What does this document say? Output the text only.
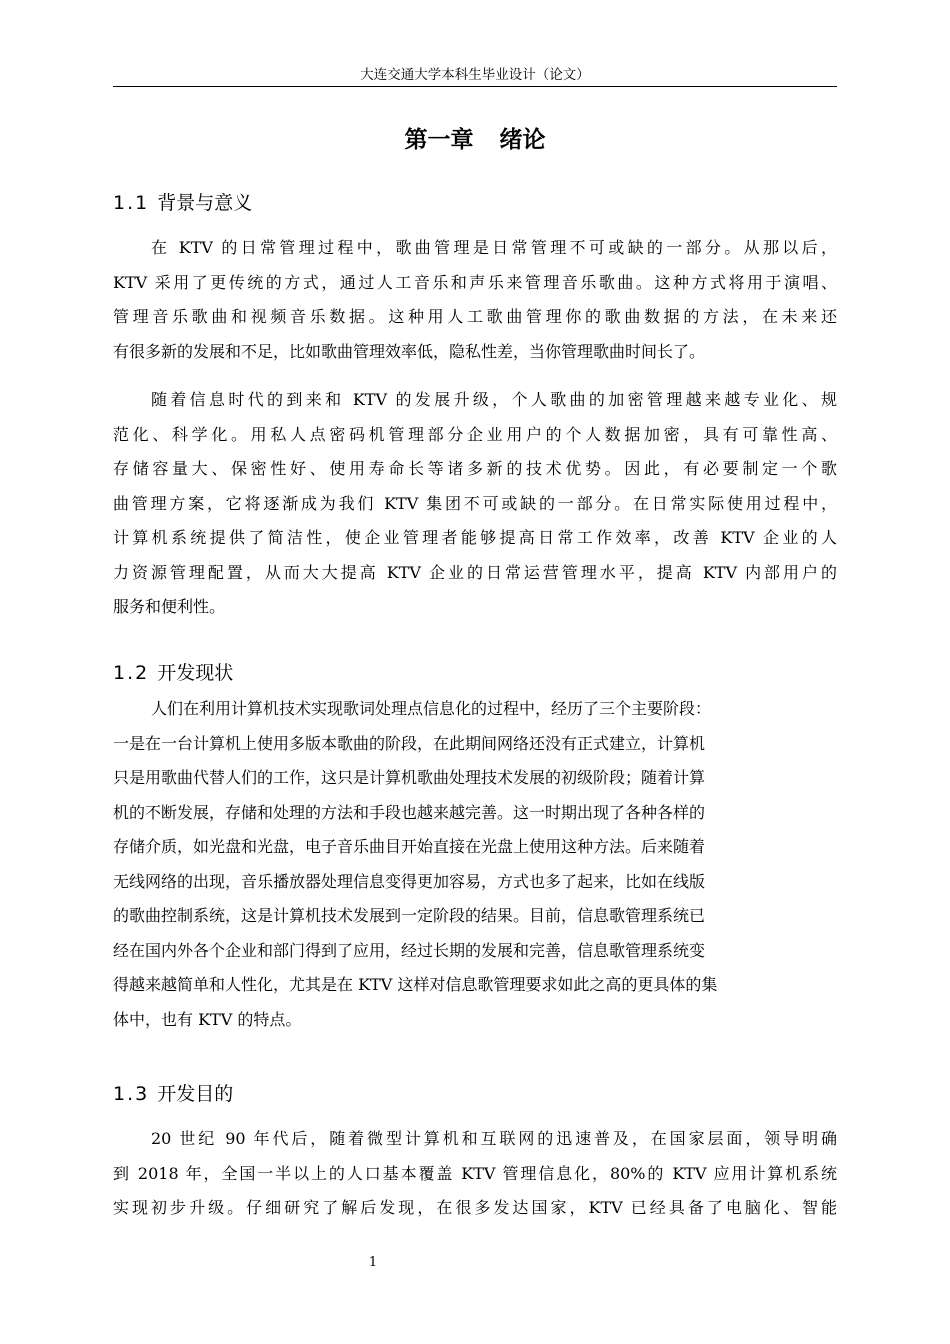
大连交通大学本科生毕业设计（论文）
第一章 绪论
1.1 背景与意义
在 KTV 的日常管理过程中，歌曲管理是日常管理不可或缺的一部分。从那以后，
KTV 采用了更传统的方式，通过人工音乐和声乐来管理音乐歌曲。这种方式将用于演唱、
管理音乐歌曲和视频音乐数据。这种用人工歌曲管理你的歌曲数据的方法，在未来还
有很多新的发展和不足，比如歌曲管理效率低，隐私性差，当你管理歌曲时间长了。
随着信息时代的到来和 KTV 的发展升级，个人歌曲的加密管理越来越专业化、规
范化、科学化。用私人点密码机管理部分企业用户的个人数据加密，具有可靠性高、
存储容量大、保密性好、使用寿命长等诸多新的技术优势。因此，有必要制定一个歌
曲管理方案，它将逐渐成为我们 KTV 集团不可或缺的一部分。在日常实际使用过程中，
计算机系统提供了简洁性，使企业管理者能够提高日常工作效率，改善 KTV 企业的人
力资源管理配置，从而大大提高 KTV 企业的日常运营管理水平，提高 KTV 内部用户的
服务和便利性。
1.2 开发现状
人们在利用计算机技术实现歌词处理点信息化的过程中，经历了三个主要阶段：
一是在一台计算机上使用多版本歌曲的阶段，在此期间网络还没有正式建立，计算机
只是用歌曲代替人们的工作，这只是计算机歌曲处理技术发展的初级阶段；随着计算
机的不断发展，存储和处理的方法和手段也越来越完善。这一时期出现了各种各样的
存储介质，如光盘和光盘，电子音乐曲目开始直接在光盘上使用这种方法。后来随着
无线网络的出现，音乐播放器处理信息变得更加容易，方式也多了起来，比如在线版
的歌曲控制系统，这是计算机技术发展到一定阶段的结果。目前，信息歌管理系统已
经在国内外各个企业和部门得到了应用，经过长期的发展和完善，信息歌管理系统变
得越来越简单和人性化，尤其是在 KTV 这样对信息歌管理要求如此之高的更具体的集
体中，也有 KTV 的特点。
1.3 开发目的
20 世纪 90 年代后，随着微型计算机和互联网的迅速普及，在国家层面，领导明确
到 2018 年，全国一半以上的人口基本覆盖 KTV 管理信息化，80%的 KTV 应用计算机系统
实现初步升级。仔细研究了解后发现，在很多发达国家，KTV 已经具备了电脑化、智能
1
